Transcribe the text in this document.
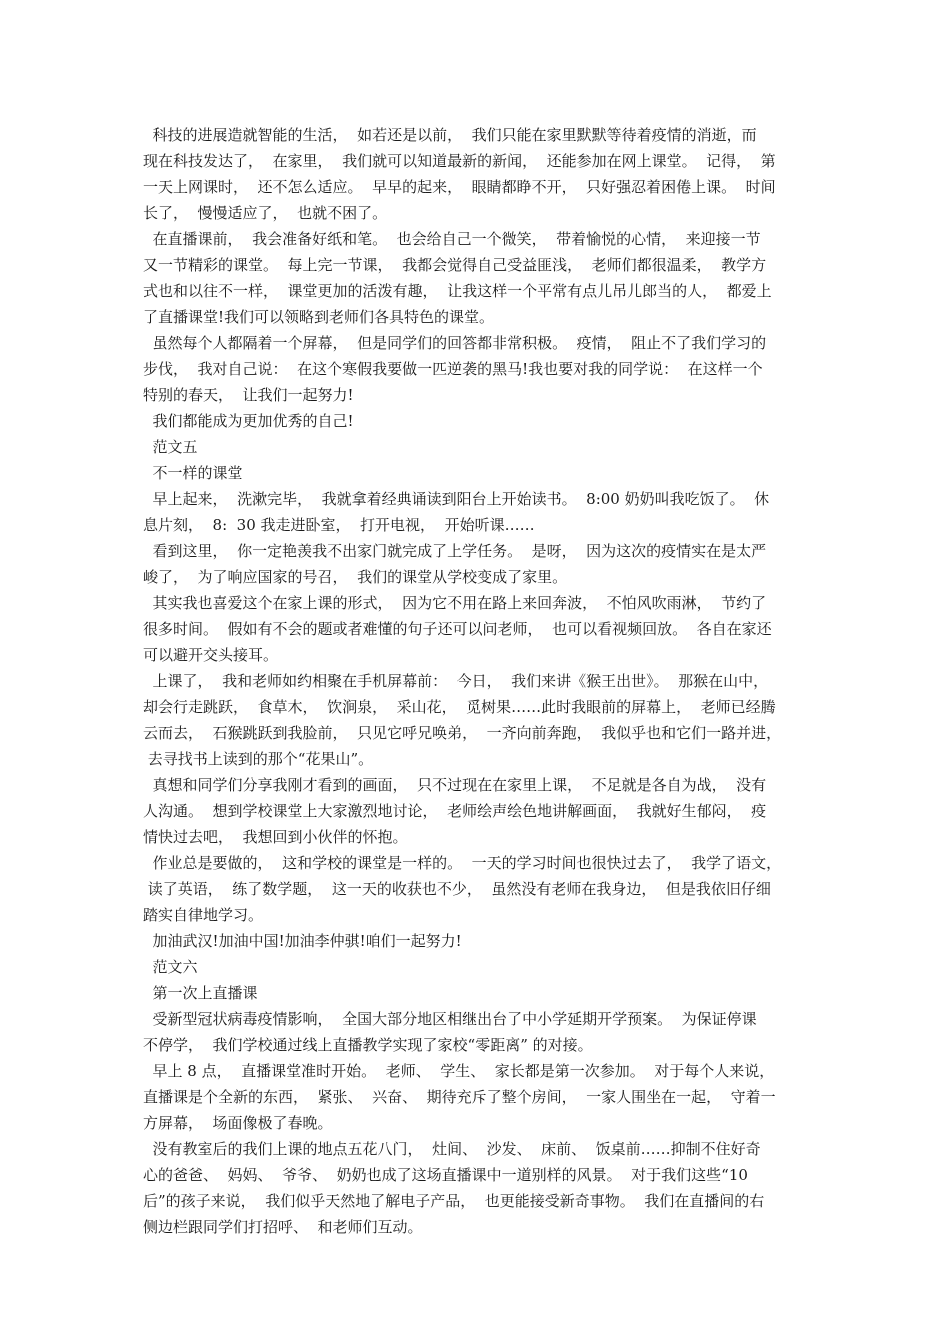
科技的进展造就智能的生活，  如若还是以前，  我们只能在家里默默等待着疫情的消逝，而
现在科技发达了，  在家里，  我们就可以知道最新的新闻，  还能参加在网上课堂。  记得，  第
一天上网课时，  还不怎么适应。  早早的起来，  眼睛都睁不开，  只好强忍着困倦上课。  时间
长了，  慢慢适应了，  也就不困了。
在直播课前，  我会准备好纸和笔。  也会给自己一个微笑，  带着愉悦的心情，  来迎接一节
又一节精彩的课堂。  每上完一节课，  我都会觉得自己受益匪浅，  老师们都很温柔，  教学方
式也和以往不一样，  课堂更加的活泼有趣，  让我这样一个平常有点儿吊儿郎当的人，  都爱上
了直播课堂!我们可以领略到老师们各具特色的课堂。
虽然每个人都隔着一个屏幕，  但是同学们的回答都非常积极。  疫情，  阻止不了我们学习的
步伐，  我对自己说：  在这个寒假我要做一匹逆袭的黑马!我也要对我的同学说：  在这样一个
特别的春天，  让我们一起努力!
我们都能成为更加优秀的自己!
范文五
不一样的课堂
早上起来，  洗漱完毕，  我就拿着经典诵读到阳台上开始读书。  8:00 奶奶叫我吃饭了。  休
息片刻，  8:  30 我走进卧室，  打开电视，  开始听课……
看到这里，  你一定艳羡我不出家门就完成了上学任务。  是呀，  因为这次的疫情实在是太严
峻了，  为了响应国家的号召，  我们的课堂从学校变成了家里。
其实我也喜爱这个在家上课的形式，  因为它不用在路上来回奔波，  不怕风吹雨淋，  节约了
很多时间。  假如有不会的题或者难懂的句子还可以问老师，  也可以看视频回放。  各自在家还
可以避开交头接耳。
上课了，  我和老师如约相聚在手机屏幕前：  今日，  我们来讲《猴王出世》。  那猴在山中，
却会行走跳跃，  食草木，  饮涧泉，  采山花，  觅树果……此时我眼前的屏幕上，  老师已经腾
云而去，  石猴跳跃到我脸前，  只见它呼兄唤弟，  一齐向前奔跑，  我似乎也和它们一路并进，
去寻找书上读到的那个“花果山”。
真想和同学们分享我刚才看到的画面，  只不过现在在家里上课，  不足就是各自为战，  没有
人沟通。  想到学校课堂上大家激烈地讨论，  老师绘声绘色地讲解画面，  我就好生郁闷，  疫
情快过去吧，  我想回到小伙伴的怀抱。
作业总是要做的，  这和学校的课堂是一样的。  一天的学习时间也很快过去了，  我学了语文，
读了英语，  练了数学题，  这一天的收获也不少，  虽然没有老师在我身边，  但是我依旧仔细
踏实自律地学习。
加油武汉!加油中国!加油李仲骐!咱们一起努力!
范文六
第一次上直播课
受新型冠状病毒疫情影响，  全国大部分地区相继出台了中小学延期开学预案。  为保证停课
不停学，  我们学校通过线上直播教学实现了家校“零距离” 的对接。
早上 8 点，  直播课堂准时开始。  老师、  学生、  家长都是第一次参加。  对于每个人来说，
直播课是个全新的东西，  紧张、  兴奋、  期待充斥了整个房间，  一家人围坐在一起，  守着一
方屏幕，  场面像极了春晚。
没有教室后的我们上课的地点五花八门，  灶间、  沙发、  床前、  饭桌前……抑制不住好奇
心的爸爸、  妈妈、  爷爷、  奶奶也成了这场直播课中一道别样的风景。  对于我们这些“10
后”的孩子来说，  我们似乎天然地了解电子产品，  也更能接受新奇事物。  我们在直播间的右
侧边栏跟同学们打招呼、  和老师们互动。
